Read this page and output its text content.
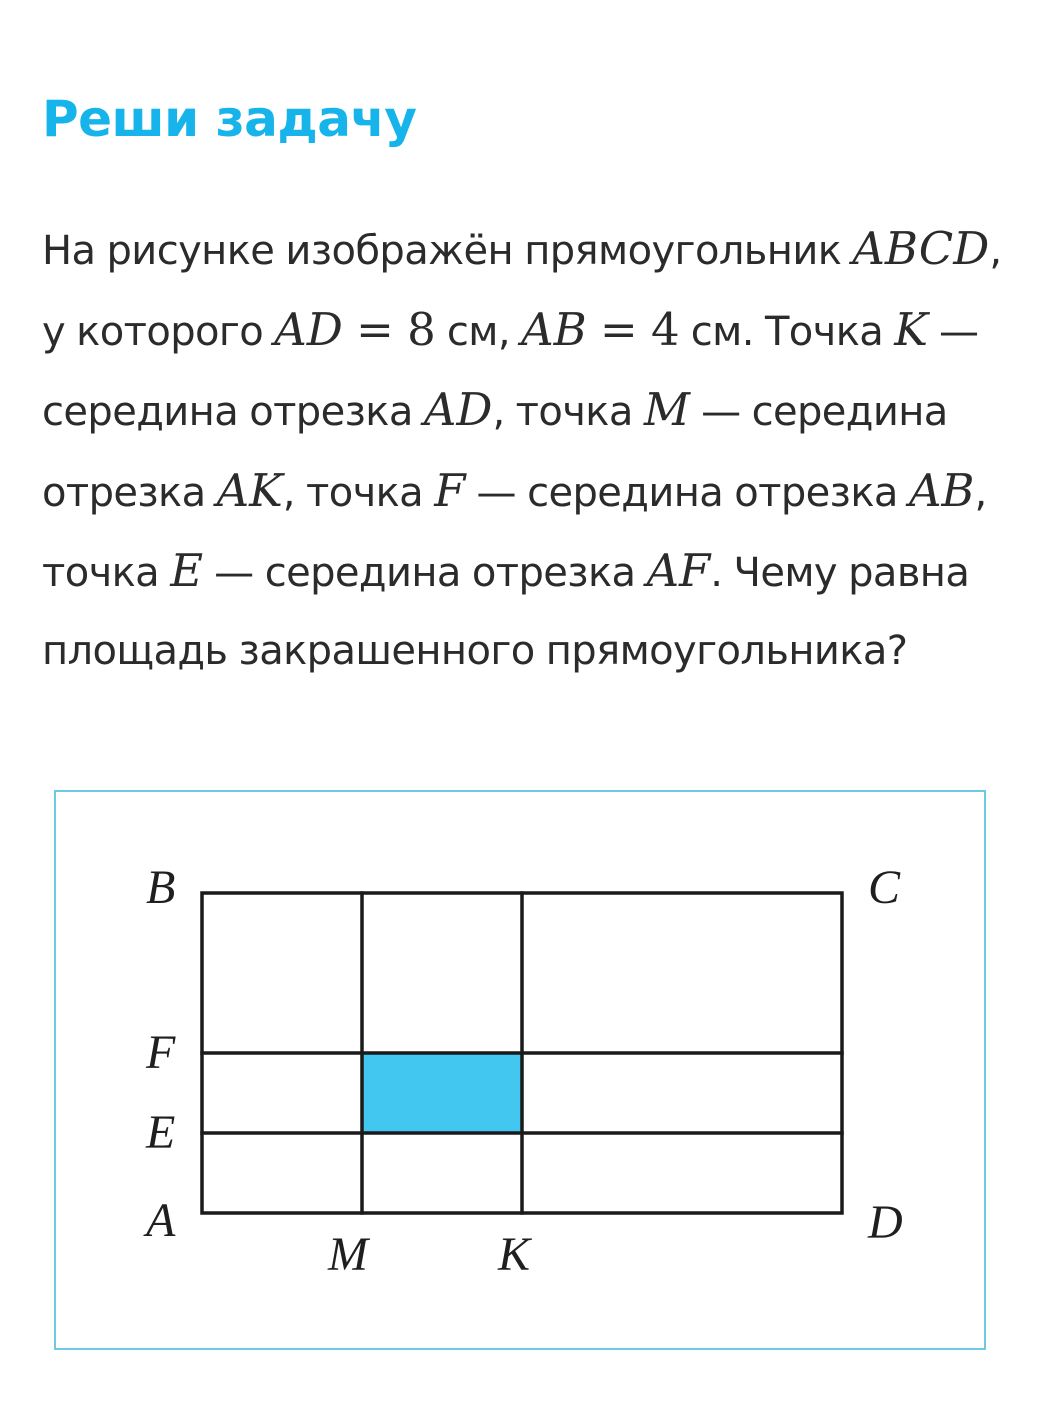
Реши задачу

На рисунке изображён прямоугольник ABCD, у которого AD = 8 см, AB = 4 см. Точка K — середина отрезка AD, точка M — середина отрезка AK, точка F — середина отрезка AB, точка E — середина отрезка AF. Чему равна площадь закрашенного прямоугольника?

B	C
F
E
A	D
M	K
